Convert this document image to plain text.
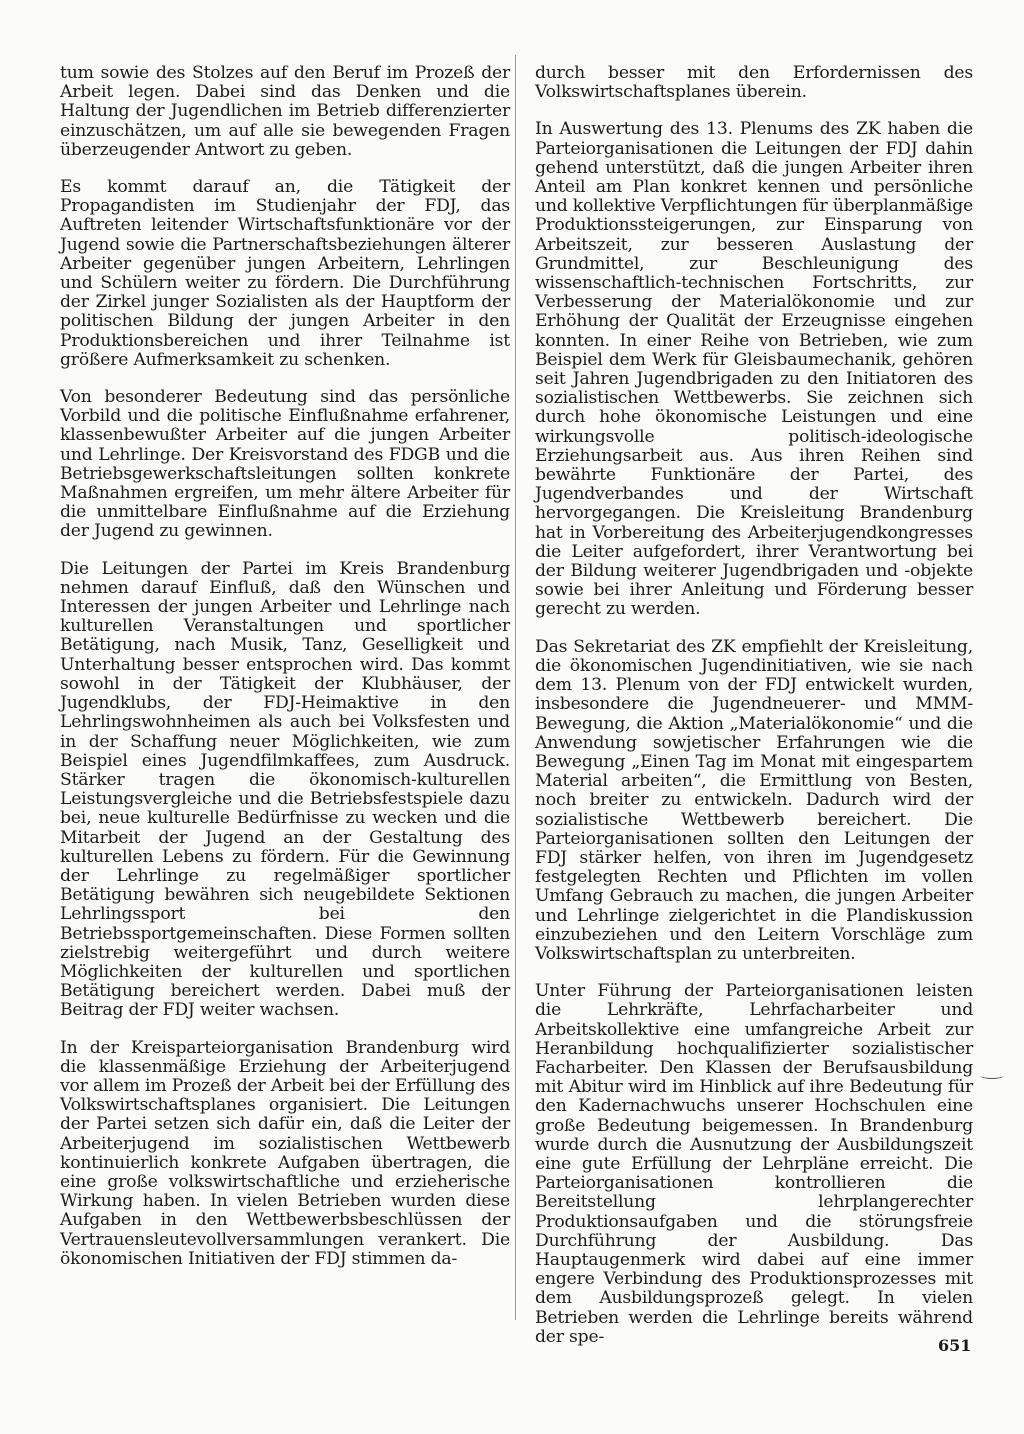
tum sowie des Stolzes auf den Beruf im Prozeß der Arbeit legen. Dabei sind das Denken und die Haltung der Jugendlichen im Betrieb differenzierter einzuschätzen, um auf alle sie bewegenden Fragen überzeugender Antwort zu geben.

Es kommt darauf an, die Tätigkeit der Propagandisten im Studienjahr der FDJ, das Auftreten leitender Wirtschaftsfunktionäre vor der Jugend sowie die Partnerschaftsbeziehungen älterer Arbeiter gegenüber jungen Arbeitern, Lehrlingen und Schülern weiter zu fördern. Die Durchführung der Zirkel junger Sozialisten als der Hauptform der politischen Bildung der jungen Arbeiter in den Produktionsbereichen und ihrer Teilnahme ist größere Aufmerksamkeit zu schenken.

Von besonderer Bedeutung sind das persönliche Vorbild und die politische Einflußnahme erfahrener, klassenbewußter Arbeiter auf die jungen Arbeiter und Lehrlinge. Der Kreisvorstand des FDGB und die Betriebsgewerkschaftsleitungen sollten konkrete Maßnahmen ergreifen, um mehr ältere Arbeiter für die unmittelbare Einflußnahme auf die Erziehung der Jugend zu gewinnen.

Die Leitungen der Partei im Kreis Brandenburg nehmen darauf Einfluß, daß den Wünschen und Interessen der jungen Arbeiter und Lehrlinge nach kulturellen Veranstaltungen und sportlicher Betätigung, nach Musik, Tanz, Geselligkeit und Unterhaltung besser entsprochen wird. Das kommt sowohl in der Tätigkeit der Klubhäuser, der Jugendklubs, der FDJ-Heimaktive in den Lehrlingswohnheimen als auch bei Volksfesten und in der Schaffung neuer Möglichkeiten, wie zum Beispiel eines Jugendfilmkaffees, zum Ausdruck. Stärker tragen die ökonomisch-kulturellen Leistungsvergleiche und die Betriebsfestspiele dazu bei, neue kulturelle Bedürfnisse zu wecken und die Mitarbeit der Jugend an der Gestaltung des kulturellen Lebens zu fördern. Für die Gewinnung der Lehrlinge zu regelmäßiger sportlicher Betätigung bewähren sich neugebildete Sektionen Lehrlingssport bei den Betriebssportgemeinschaften. Diese Formen sollten zielstrebig weitergeführt und durch weitere Möglichkeiten der kulturellen und sportlichen Betätigung bereichert werden. Dabei muß der Beitrag der FDJ weiter wachsen.

In der Kreisparteiorganisation Brandenburg wird die klassenmäßige Erziehung der Arbeiterjugend vor allem im Prozeß der Arbeit bei der Erfüllung des Volkswirtschaftsplanes organisiert. Die Leitungen der Partei setzen sich dafür ein, daß die Leiter der Arbeiterjugend im sozialistischen Wettbewerb kontinuierlich konkrete Aufgaben übertragen, die eine große volkswirtschaftliche und erzieherische Wirkung haben. In vielen Betrieben wurden diese Aufgaben in den Wettbewerbsbeschlüssen der Vertrauensleutevollversammlungen verankert. Die ökonomischen Initiativen der FDJ stimmen da-

durch besser mit den Erfordernissen des Volkswirtschaftsplanes überein.

In Auswertung des 13. Plenums des ZK haben die Parteiorganisationen die Leitungen der FDJ dahin gehend unterstützt, daß die jungen Arbeiter ihren Anteil am Plan konkret kennen und persönliche und kollektive Verpflichtungen für überplanmäßige Produktionssteigerungen, zur Einsparung von Arbeitszeit, zur besseren Auslastung der Grundmittel, zur Beschleunigung des wissenschaftlich-technischen Fortschritts, zur Verbesserung der Materialökonomie und zur Erhöhung der Qualität der Erzeugnisse eingehen konnten. In einer Reihe von Betrieben, wie zum Beispiel dem Werk für Gleisbaumechanik, gehören seit Jahren Jugendbrigaden zu den Initiatoren des sozialistischen Wettbewerbs. Sie zeichnen sich durch hohe ökonomische Leistungen und eine wirkungsvolle politisch-ideologische Erziehungsarbeit aus. Aus ihren Reihen sind bewährte Funktionäre der Partei, des Jugendverbandes und der Wirtschaft hervorgegangen. Die Kreisleitung Brandenburg hat in Vorbereitung des Arbeiterjugendkongresses die Leiter aufgefordert, ihrer Verantwortung bei der Bildung weiterer Jugendbrigaden und -objekte sowie bei ihrer Anleitung und Förderung besser gerecht zu werden.

Das Sekretariat des ZK empfiehlt der Kreisleitung, die ökonomischen Jugendinitiativen, wie sie nach dem 13. Plenum von der FDJ entwickelt wurden, insbesondere die Jugendneuerer- und MMM-Bewegung, die Aktion „Materialökonomie“ und die Anwendung sowjetischer Erfahrungen wie die Bewegung „Einen Tag im Monat mit eingespartem Material arbeiten“, die Ermittlung von Besten, noch breiter zu entwickeln. Dadurch wird der sozialistische Wettbewerb bereichert. Die Parteiorganisationen sollten den Leitungen der FDJ stärker helfen, von ihren im Jugendgesetz festgelegten Rechten und Pflichten im vollen Umfang Gebrauch zu machen, die jungen Arbeiter und Lehrlinge zielgerichtet in die Plandiskussion einzubeziehen und den Leitern Vorschläge zum Volkswirtschaftsplan zu unterbreiten.

Unter Führung der Parteiorganisationen leisten die Lehrkräfte, Lehrfacharbeiter und Arbeitskollektive eine umfangreiche Arbeit zur Heranbildung hochqualifizierter sozialistischer Facharbeiter. Den Klassen der Berufsausbildung mit Abitur wird im Hinblick auf ihre Bedeutung für den Kadernachwuchs unserer Hochschulen eine große Bedeutung beigemessen. In Brandenburg wurde durch die Ausnutzung der Ausbildungszeit eine gute Erfüllung der Lehrpläne erreicht. Die Parteiorganisationen kontrollieren die Bereitstellung lehrplangerechter Produktionsaufgaben und die störungsfreie Durchführung der Ausbildung. Das Hauptaugenmerk wird dabei auf eine immer engere Verbindung des Produktionsprozesses mit dem Ausbildungsprozeß gelegt. In vielen Betrieben werden die Lehrlinge bereits während der spe-	651
